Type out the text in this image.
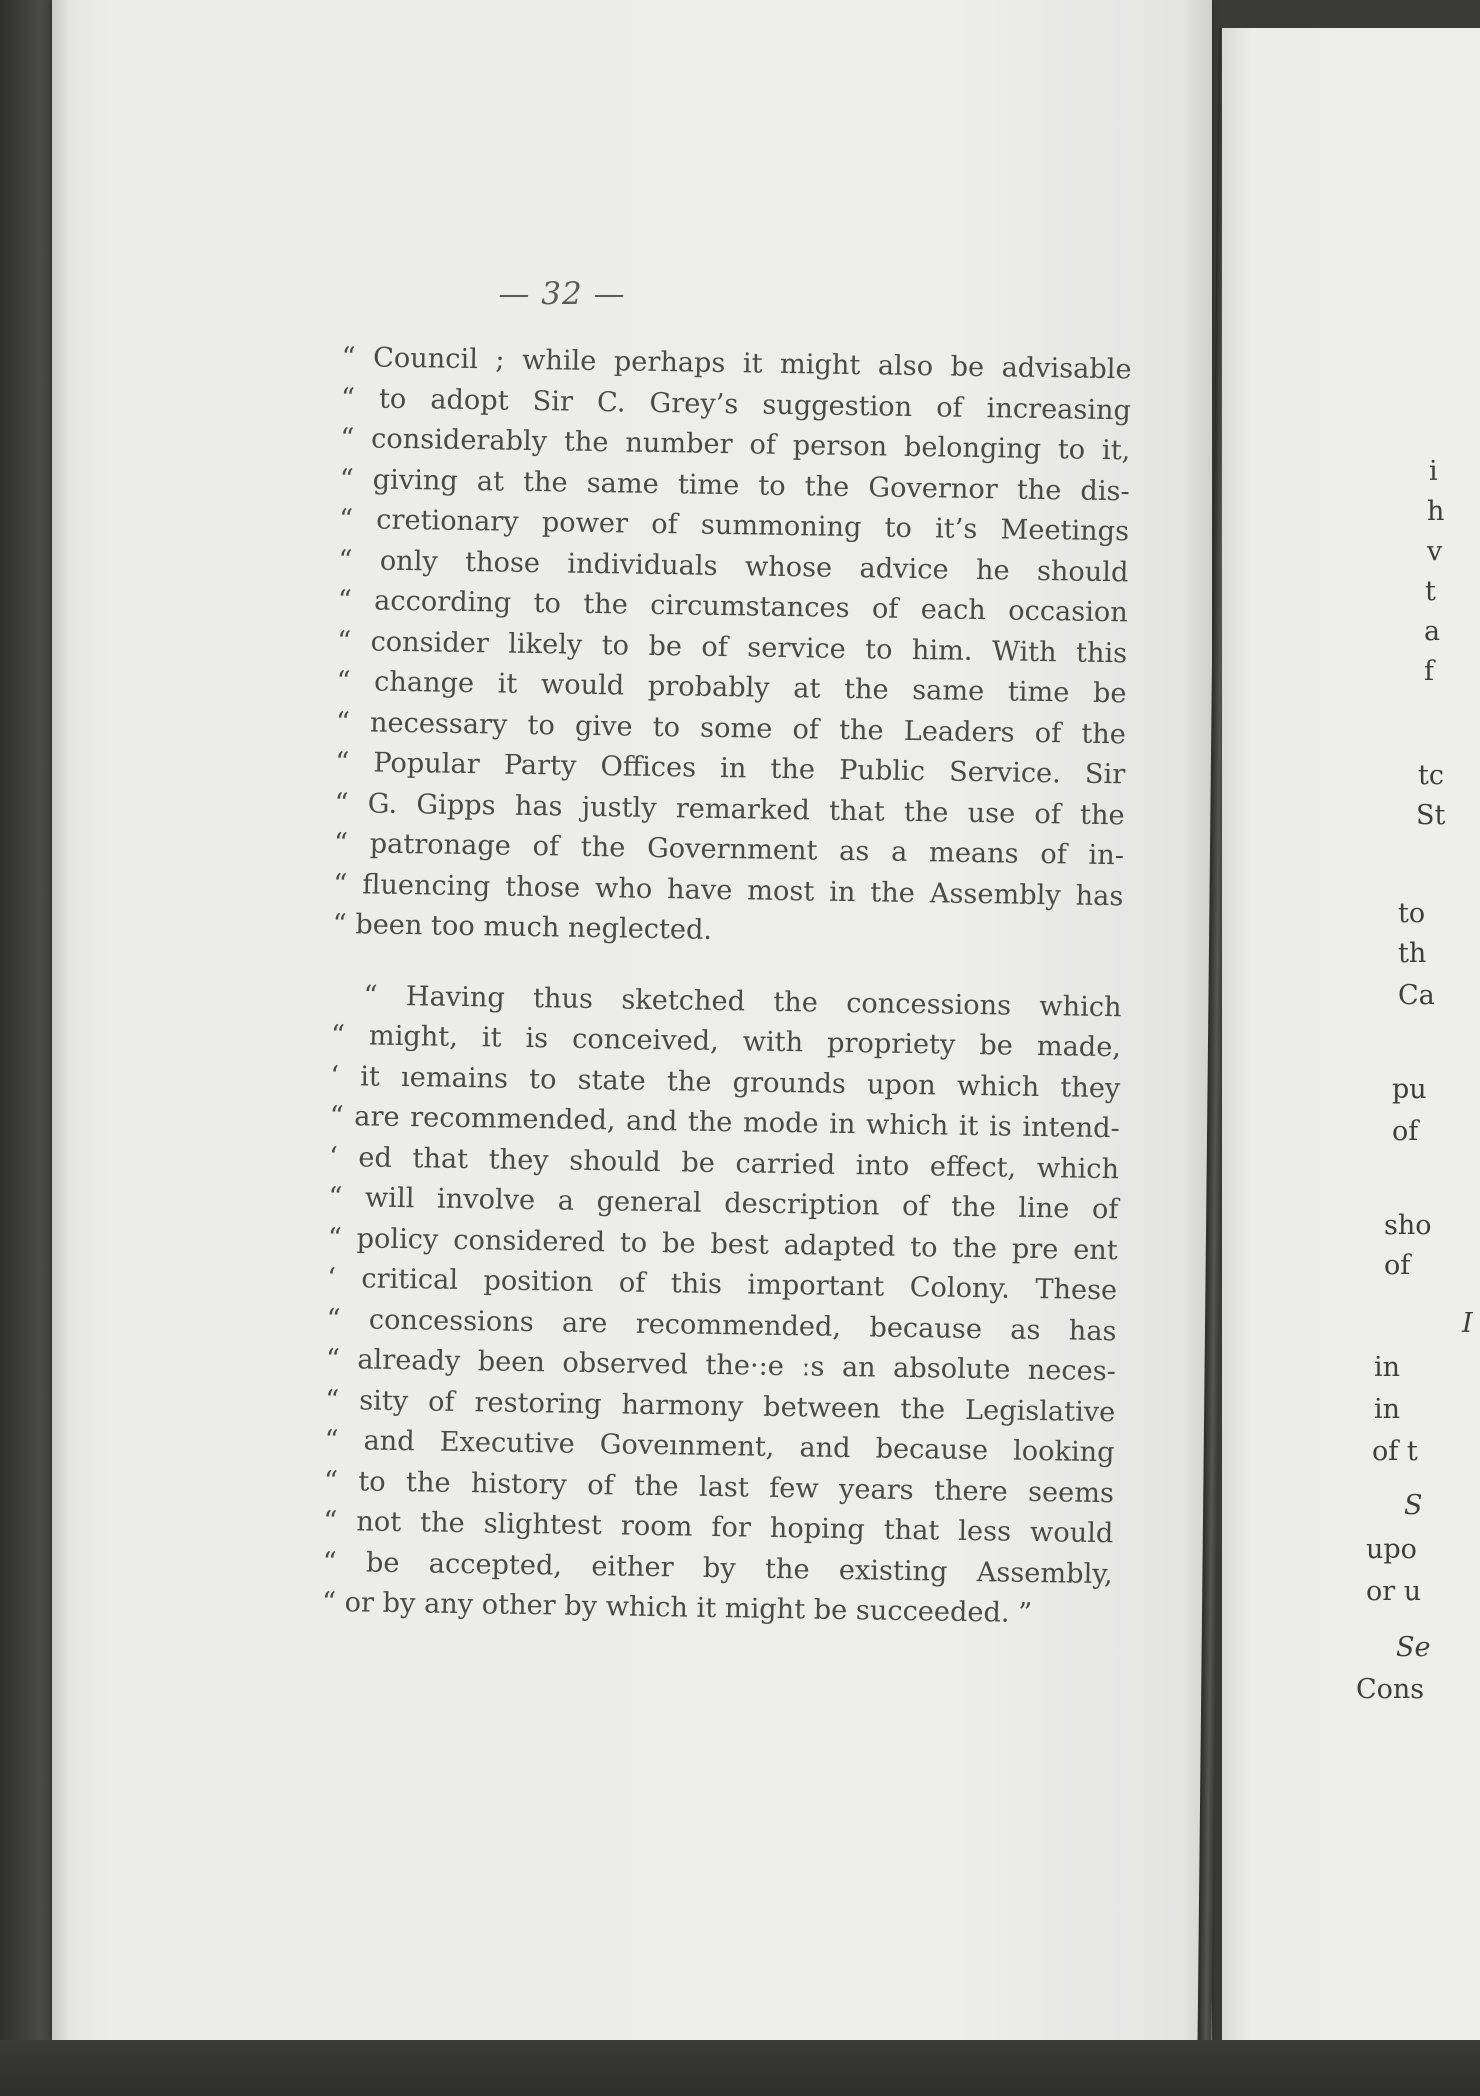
— 32 —
“ Council ; while perhaps it might also be advisable
“ to adopt Sir C. Grey’s suggestion of increasing
“ considerably the number of person belonging to it,
“ giving at the same time to the Governor the dis-
“ cretionary power of summoning to it’s Meetings
“ only those individuals whose advice he should
“ according to the circumstances of each occasion
“ consider likely to be of service to him. With this
“ change it would probably at the same time be
“ necessary to give to some of the Leaders of the
“ Popular Party Offices in the Public Service. Sir
“ G. Gipps has justly remarked that the use of the
“ patronage of the Government as a means of in-
“ fluencing those who have most in the Assembly has
“ been too much neglected.
“ Having thus sketched the concessions which
“ might, it is conceived, with propriety be made,
‘ it ıemains to state the grounds upon which they
“ are recommended, and the mode in which it is intend-
‘ ed that they should be carried into effect, which
“ will involve a general description of the line of
“ policy considered to be best adapted to the pre ent
‘ critical position of this important Colony. These
“ concessions are recommended, because as has
“ already been observed the·:e ːs an absolute neces-
“ sity of restoring harmony between the Legislative
“ and Executive Goveınment, and because looking
“ to the history of the last few years there seems
“ not the slightest room for hoping that less would
“ be accepted, either by the existing Assembly,
“ or by any other by which it might be succeeded. ”
i
h
v
t
a
f
tc
St
to
th
Ca
pu
of
sho
of
I
in
in
of t
S
upo
or u
Se
Cons
